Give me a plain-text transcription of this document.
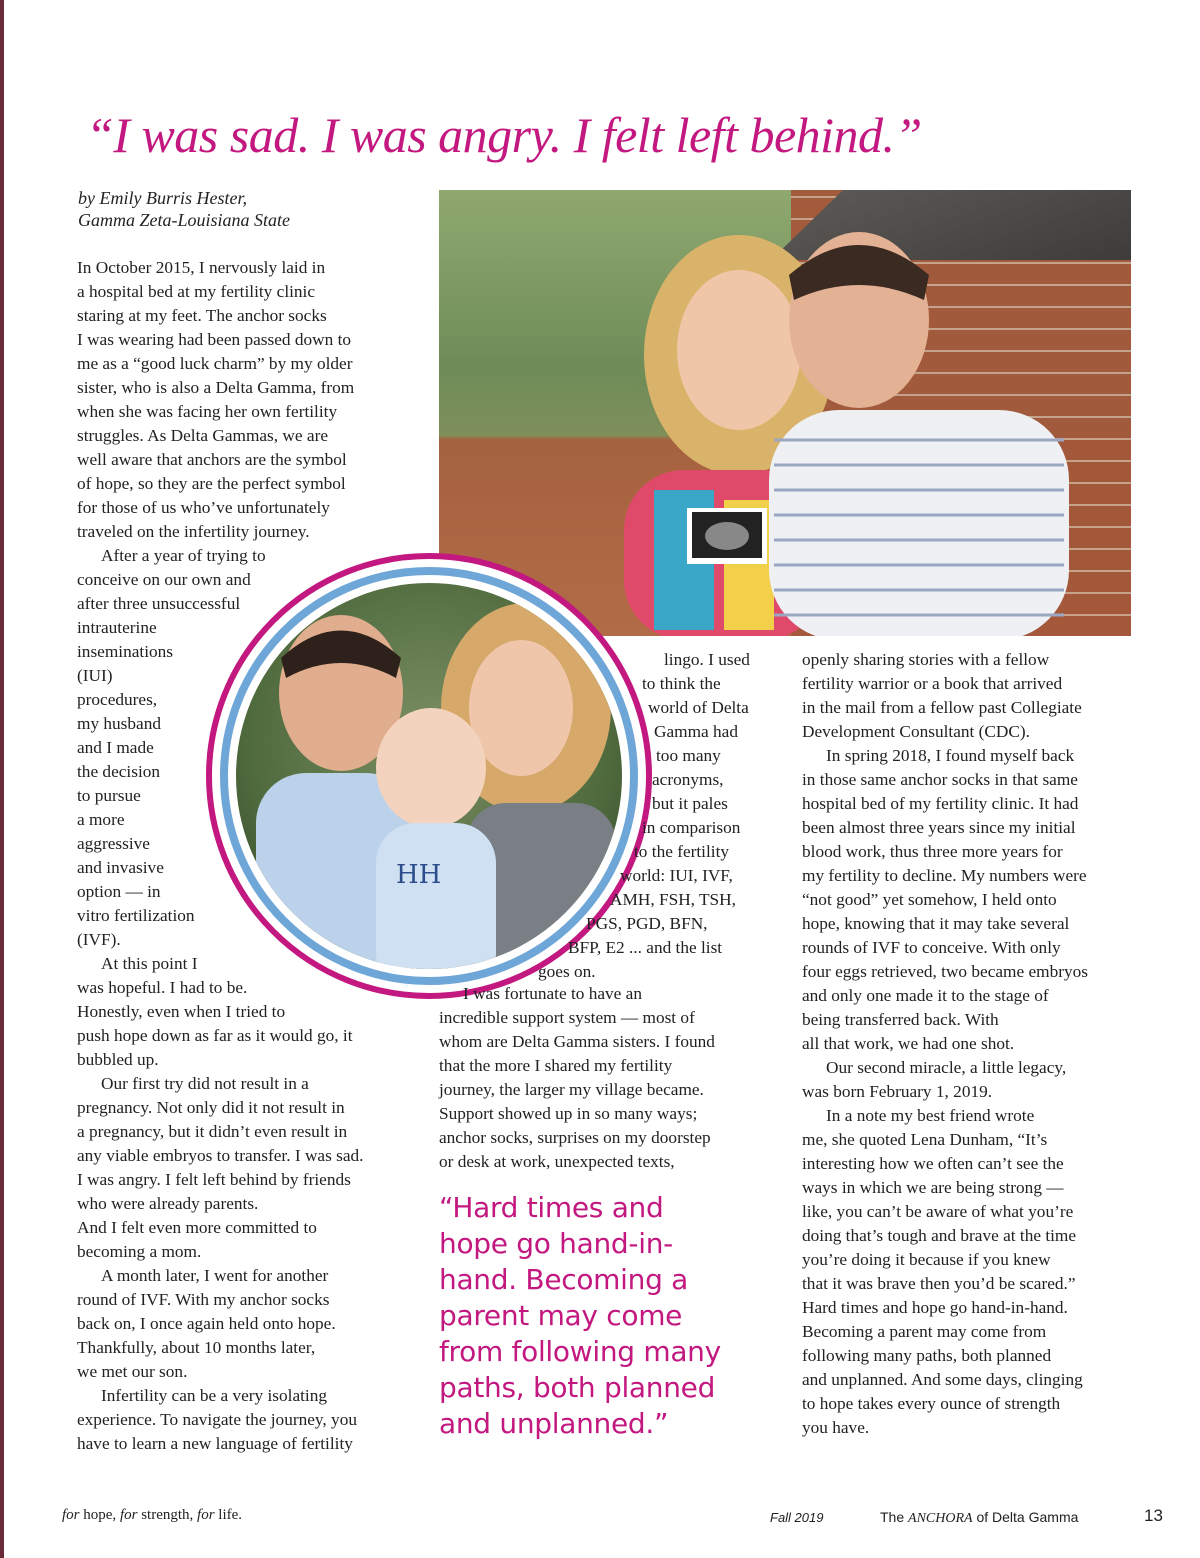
“I was sad. I was angry. I felt left behind.”
by Emily Burris Hester,
Gamma Zeta-Louisiana State
HH
In October 2015, I nervously laid in
a hospital bed at my fertility clinic
staring at my feet. The anchor socks
I was wearing had been passed down to
me as a “good luck charm” by my older
sister, who is also a Delta Gamma, from
when she was facing her own fertility
struggles. As Delta Gammas, we are
well aware that anchors are the symbol
of hope, so they are the perfect symbol
for those of us who’ve unfortunately
traveled on the infertility journey.
After a year of trying to
conceive on our own and
after three unsuccessful
intrauterine
inseminations
(IUI)
procedures,
my husband
and I made
the decision
to pursue
a more
aggressive
and invasive
option — in
vitro fertilization
(IVF).
At this point I
was hopeful. I had to be.
Honestly, even when I tried to
push hope down as far as it would go, it
bubbled up.
Our first try did not result in a
pregnancy. Not only did it not result in
a pregnancy, but it didn’t even result in
any viable embryos to transfer. I was sad.
I was angry. I felt left behind by friends
who were already parents.
And I felt even more committed to
becoming a mom.
A month later, I went for another
round of IVF. With my anchor socks
back on, I once again held onto hope.
Thankfully, about 10 months later,
we met our son.
Infertility can be a very isolating
experience. To navigate the journey, you
have to learn a new language of fertility
lingo. I used
to think the
world of Delta
Gamma had
too many
acronyms,
but it pales
in comparison
to the fertility
world: IUI, IVF,
AMH, FSH, TSH,
PGS, PGD, BFN,
BFP, E2 ... and the list
goes on.
I was fortunate to have an
incredible support system — most of
whom are Delta Gamma sisters. I found
that the more I shared my fertility
journey, the larger my village became.
Support showed up in so many ways;
anchor socks, surprises on my doorstep
or desk at work, unexpected texts,
“Hard times and
hope go hand-in-
hand. Becoming a
parent may come
from following many
paths, both planned
and unplanned.”
openly sharing stories with a fellow
fertility warrior or a book that arrived
in the mail from a fellow past Collegiate
Development Consultant (CDC).
In spring 2018, I found myself back
in those same anchor socks in that same
hospital bed of my fertility clinic. It had
been almost three years since my initial
blood work, thus three more years for
my fertility to decline. My numbers were
“not good” yet somehow, I held onto
hope, knowing that it may take several
rounds of IVF to conceive. With only
four eggs retrieved, two became embryos
and only one made it to the stage of
being transferred back. With
all that work, we had one shot.
Our second miracle, a little legacy,
was born February 1, 2019.
In a note my best friend wrote
me, she quoted Lena Dunham, “It’s
interesting how we often can’t see the
ways in which we are being strong —
like, you can’t be aware of what you’re
doing that’s tough and brave at the time
you’re doing it because if you knew
that it was brave then you’d be scared.”
Hard times and hope go hand-in-hand.
Becoming a parent may come from
following many paths, both planned
and unplanned. And some days, clinging
to hope takes every ounce of strength
you have.
for hope, for strength, for life.	Fall 2019	The ANCHORA of Delta Gamma	13
